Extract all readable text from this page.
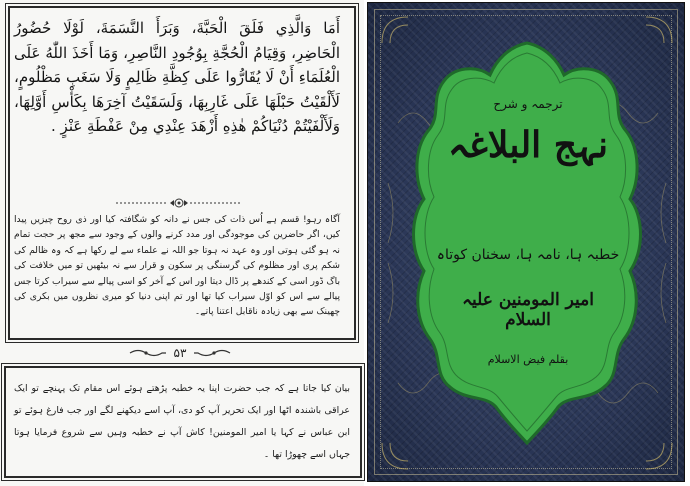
أَمَا وَالَّذِي فَلَقَ الْحَبَّةَ، وَبَرَأَ النَّسَمَةَ، لَوْلَا حُضُورُ الْحَاضِرِ، وَقِيَامُ الْحُجَّةِ بِوُجُودِ النَّاصِرِ، وَمَا أَخَذَ اللّٰهُ عَلَى الْعُلَمَاءِ أَنْ لَا يُقَارُّوا عَلَى كِظَّةِ ظَالِمٍ وَلَا سَغَبِ مَظْلُومٍ، لَأَلْقَيْتُ حَبْلَهَا عَلَى غَارِبِهَا، وَلَسَقَيْتُ آخِرَهَا بِكَأْسِ أَوَّلِهَا، وَلَأَلْفَيْتُمْ دُنْيَاكُمْ هٰذِهِ أَزْهَدَ عِنْدِي مِنْ عَفْطَةِ عَنْزٍ .
آگاہ رہو! قسم ہے اُس ذات کی جس نے دانہ کو شگافتہ کیا اور ذی روح چیزیں پیدا کیں، اگر حاضرین کی موجودگی اور مدد کرنے والوں کے وجود سے مجھ پر حجت تمام نہ ہو گئی ہوتی اور وہ عہد نہ ہوتا جو اللہ نے علماء سے لے رکھا ہے کہ وہ ظالم کی شکم پری اور مظلوم کی گرسنگی پر سکون و قرار سے نہ بیٹھیں تو میں خلافت کی باگ ڈور اسی کے کندھے پر ڈال دیتا اور اس کے آخر کو اسی پیالے سے سیراب کرتا جس پیالے سے اس کو اوّل سیراب کیا تھا اور تم اپنی دنیا کو میری نظروں میں بکری کی چھینک سے بھی زیادہ ناقابل اعتنا پاتے۔
۵۳
بیان کیا جاتا ہے کہ جب حضرت اپنا یہ خطبہ پڑھتے ہوئے اس مقام تک پہنچے تو ایک عراقی باشندہ اٹھا اور ایک تحریر آپ کو دی، آپ اسے دیکھنے لگے اور جب فارغ ہوئے تو ابن عباس نے کہا یا امیر المومنین! کاش آپ نے خطبہ وہیں سے شروع فرمایا ہوتا جہاں اسے چھوڑا تھا ۔
ترجمہ و شرح
نہج البلاغہ
خطبہ ہا، نامہ ہا، سخنان کوتاہ
امیر المومنین علیہ السلام
بقلم فیض الاسلام
